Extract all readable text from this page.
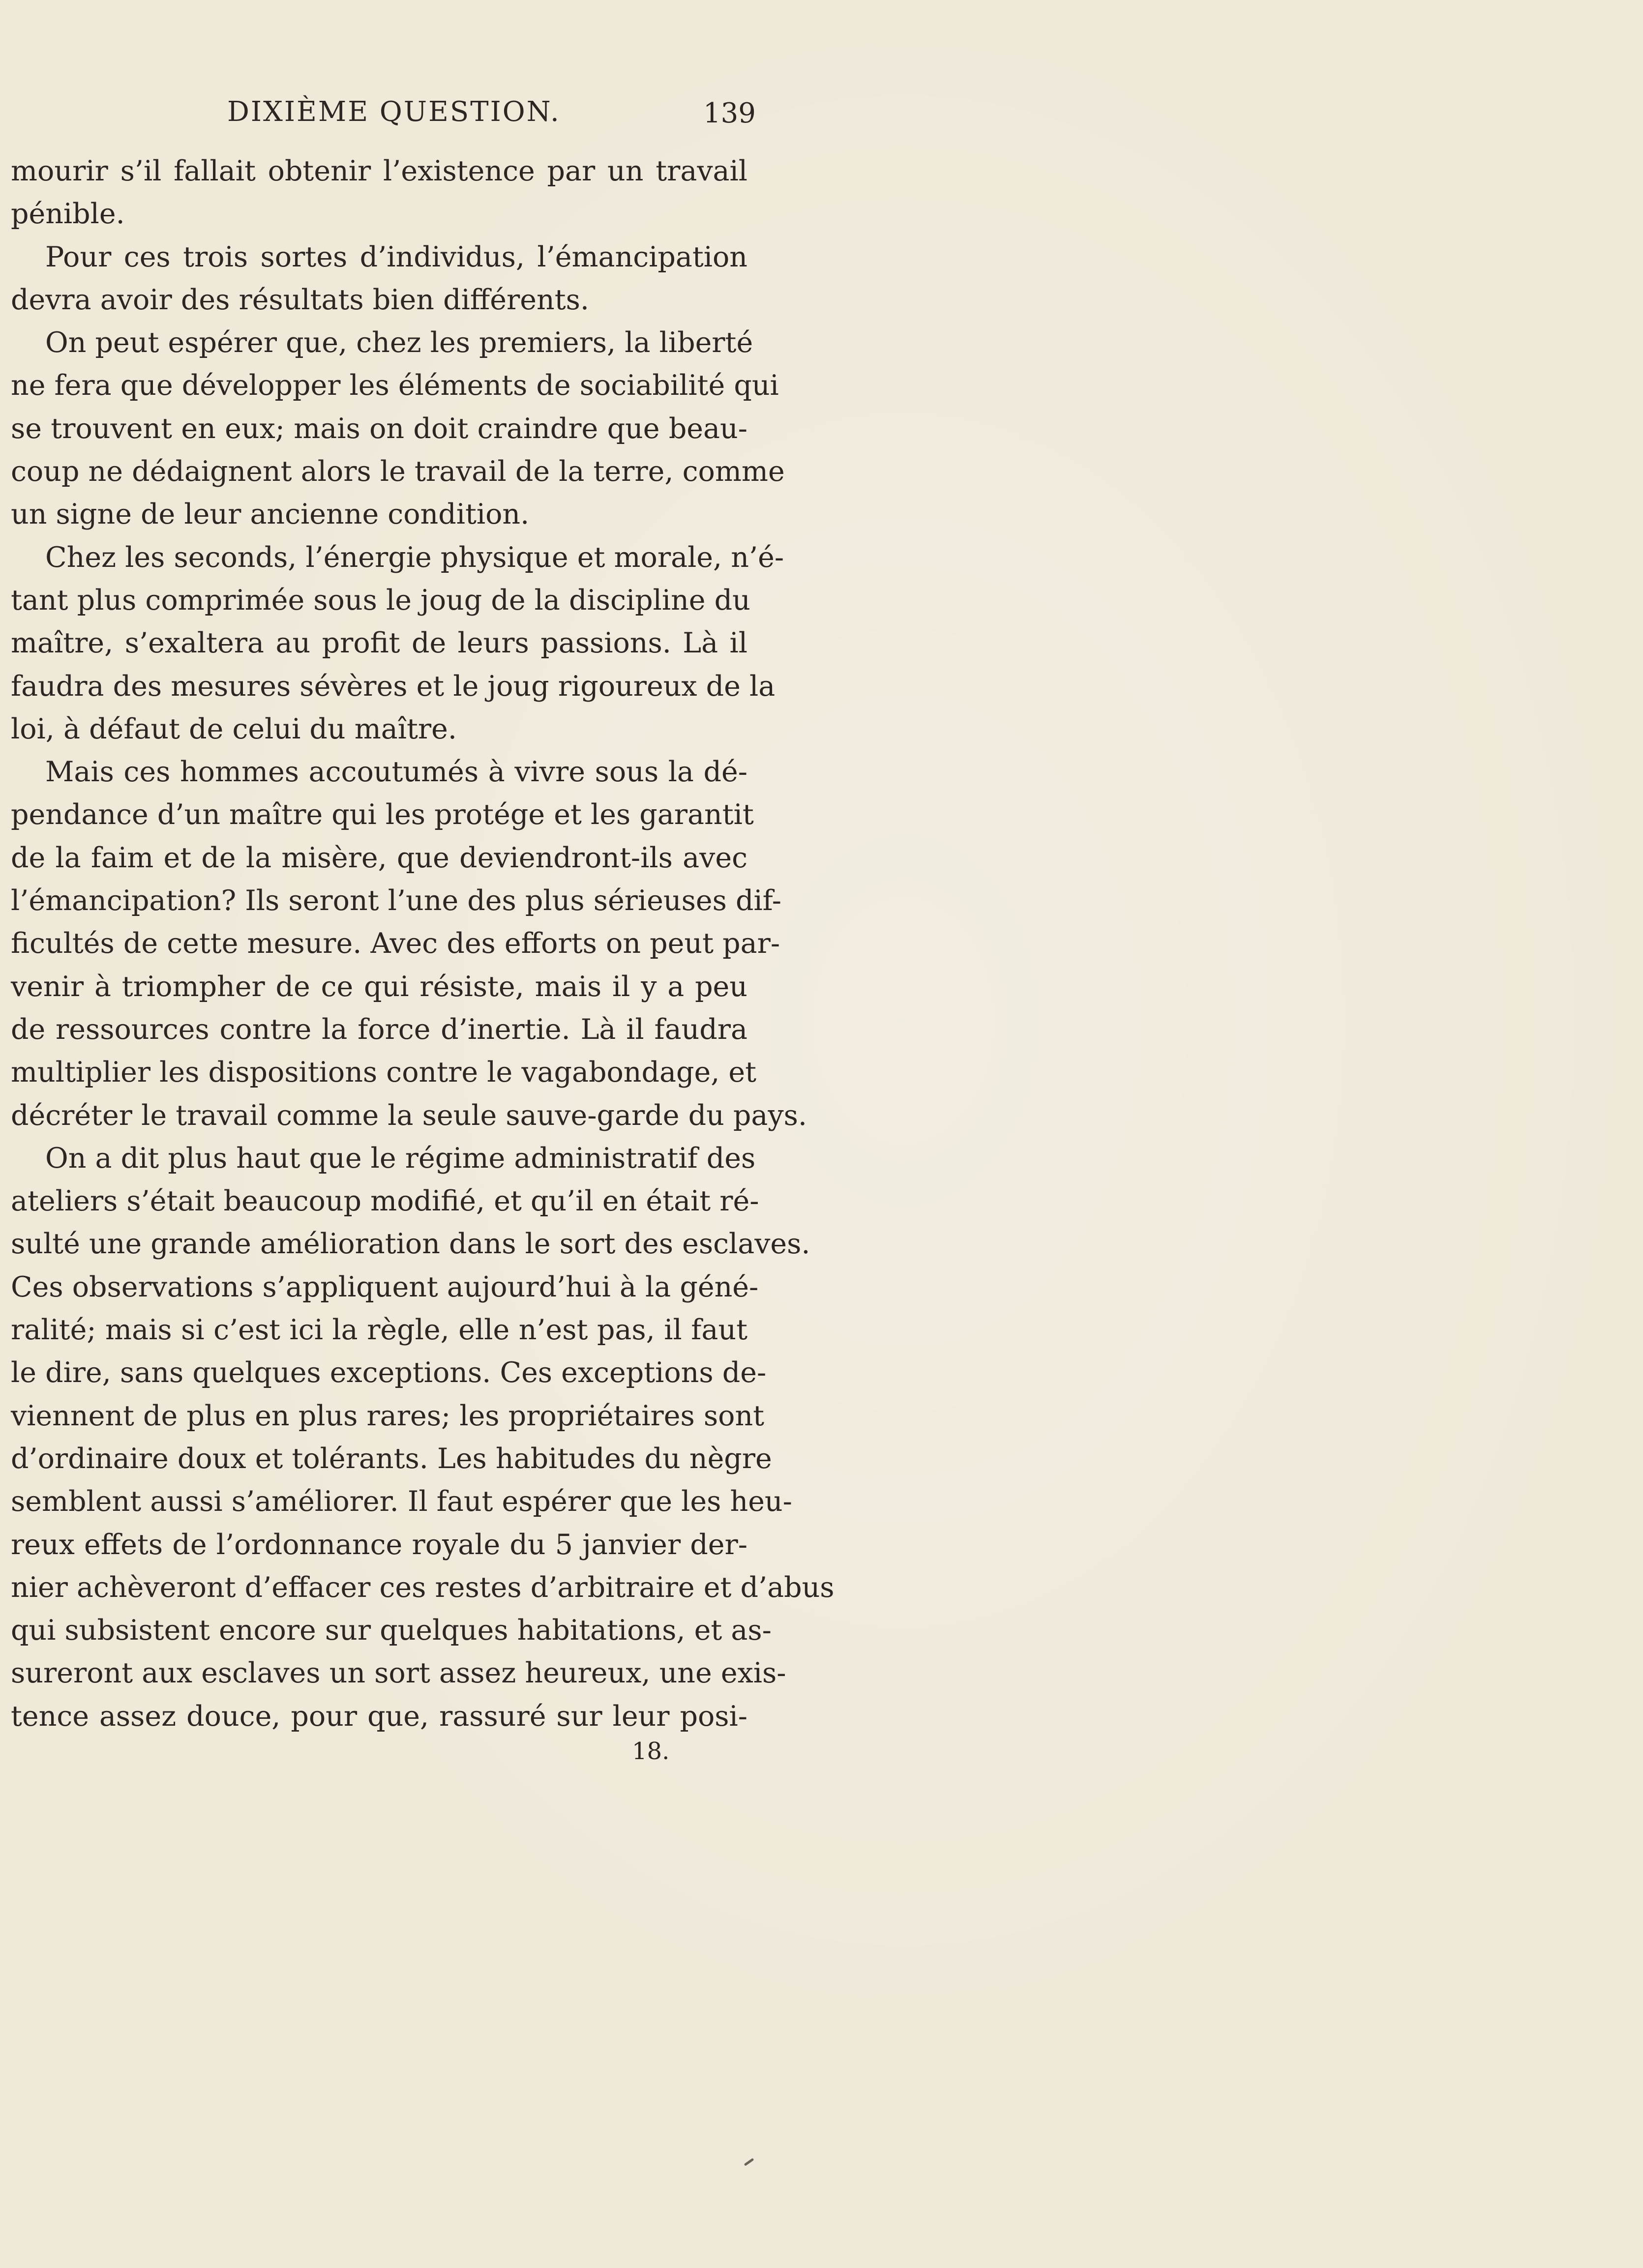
DIXIÈME QUESTION.	139
mourir s’il fallait obtenir l’existence par un travail
pénible.
Pour ces trois sortes d’individus, l’émancipation
devra avoir des résultats bien différents.
On peut espérer que, chez les premiers, la liberté
ne fera que développer les éléments de sociabilité qui
se trouvent en eux; mais on doit craindre que beau-
coup ne dédaignent alors le travail de la terre, comme
un signe de leur ancienne condition.
Chez les seconds, l’énergie physique et morale, n’é-
tant plus comprimée sous le joug de la discipline du
maître, s’exaltera au profit de leurs passions. Là il
faudra des mesures sévères et le joug rigoureux de la
loi, à défaut de celui du maître.
Mais ces hommes accoutumés à vivre sous la dé-
pendance d’un maître qui les protége et les garantit
de la faim et de la misère, que deviendront-ils avec
l’émancipation? Ils seront l’une des plus sérieuses dif-
ficultés de cette mesure. Avec des efforts on peut par-
venir à triompher de ce qui résiste, mais il y a peu
de ressources contre la force d’inertie. Là il faudra
multiplier les dispositions contre le vagabondage, et
décréter le travail comme la seule sauve-garde du pays.
On a dit plus haut que le régime administratif des
ateliers s’était beaucoup modifié, et qu’il en était ré-
sulté une grande amélioration dans le sort des esclaves.
Ces observations s’appliquent aujourd’hui à la géné-
ralité; mais si c’est ici la règle, elle n’est pas, il faut
le dire, sans quelques exceptions. Ces exceptions de-
viennent de plus en plus rares; les propriétaires sont
d’ordinaire doux et tolérants. Les habitudes du nègre
semblent aussi s’améliorer. Il faut espérer que les heu-
reux effets de l’ordonnance royale du 5 janvier der-
nier achèveront d’effacer ces restes d’arbitraire et d’abus
qui subsistent encore sur quelques habitations, et as-
sureront aux esclaves un sort assez heureux, une exis-
tence assez douce, pour que, rassuré sur leur posi-
18.
